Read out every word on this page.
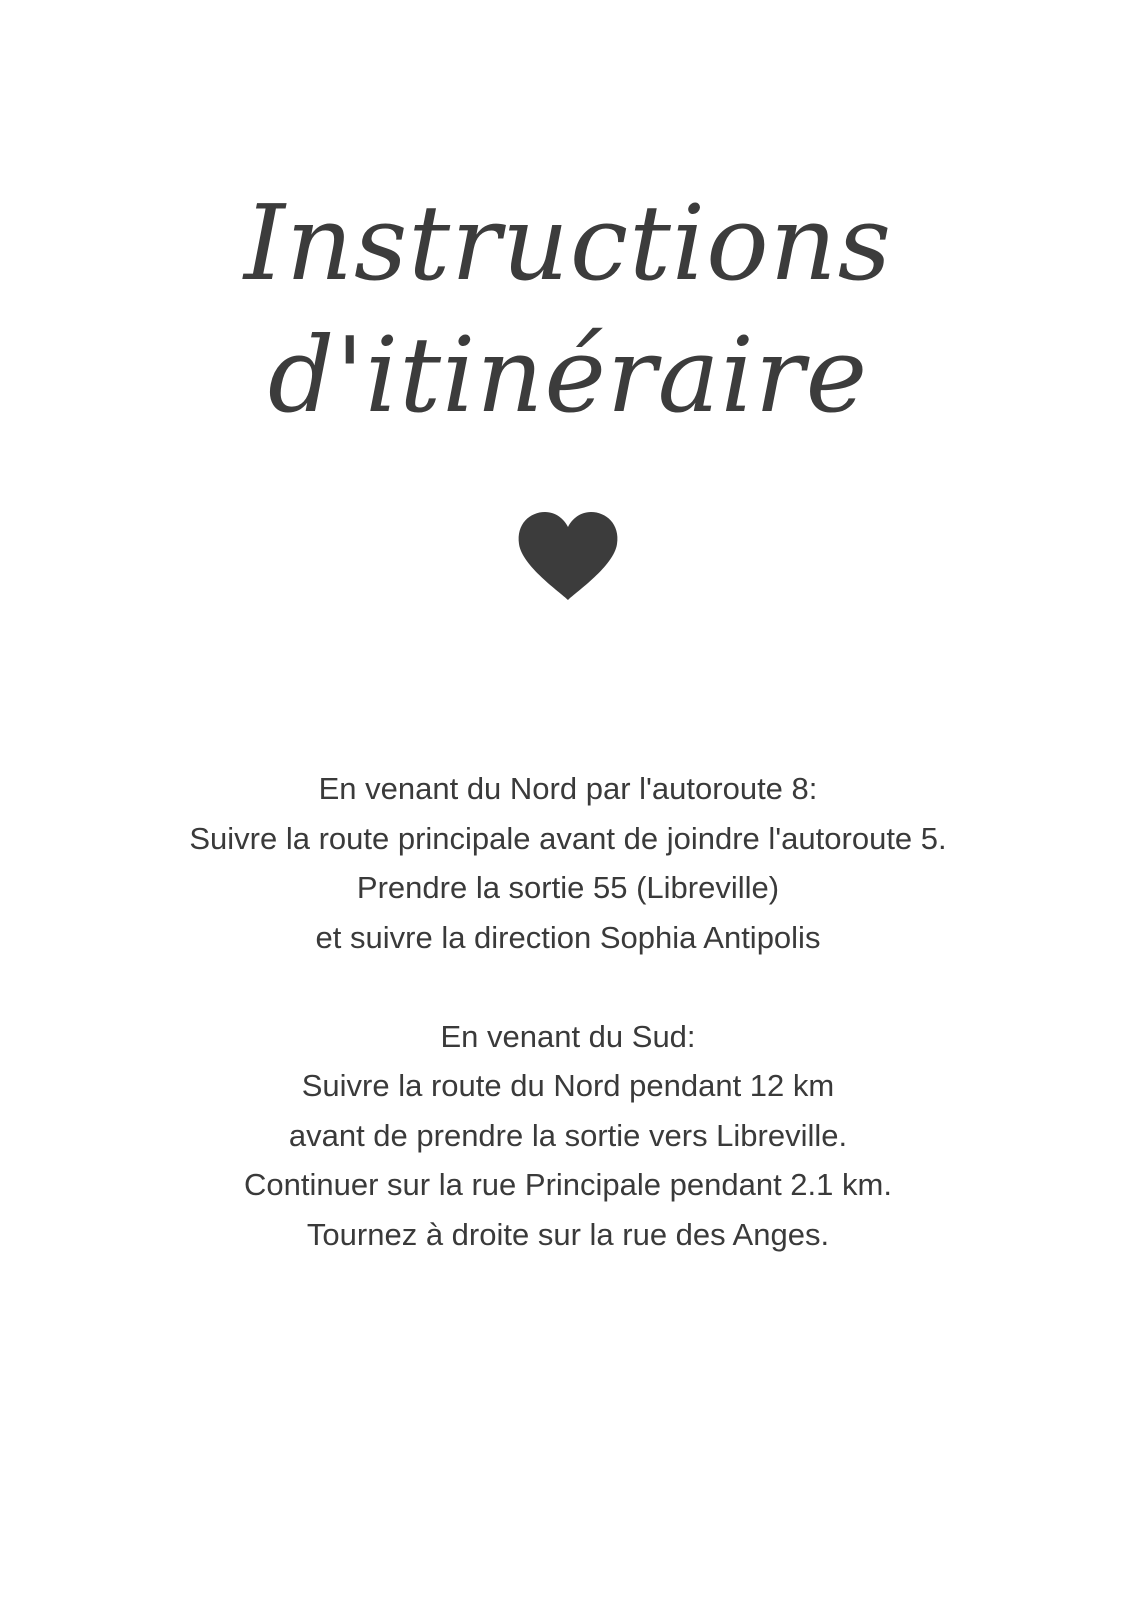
Instructions
d'itinéraire
En venant du Nord par l'autoroute 8:
Suivre la route principale avant de joindre l'autoroute 5.
Prendre la sortie 55 (Libreville)
et suivre la direction Sophia Antipolis
En venant du Sud:
Suivre la route du Nord pendant 12 km
avant de prendre la sortie vers Libreville.
Continuer sur la rue Principale pendant 2.1 km.
Tournez à droite sur la rue des Anges.
